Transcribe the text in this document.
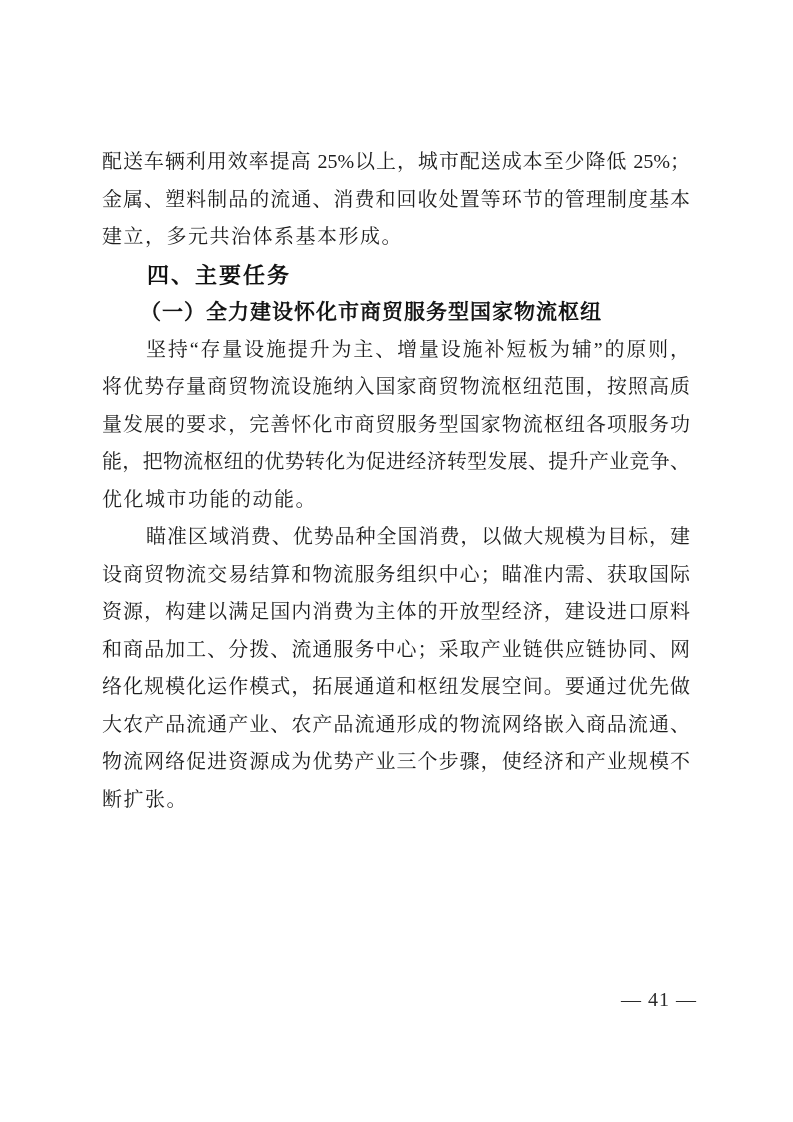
配送车辆利用效率提高 25%以上，城市配送成本至少降低 25%；
金属、塑料制品的流通、消费和回收处置等环节的管理制度基本
建立，多元共治体系基本形成。
四、主要任务
（一）全力建设怀化市商贸服务型国家物流枢纽
坚持“存量设施提升为主、增量设施补短板为辅”的原则，
将优势存量商贸物流设施纳入国家商贸物流枢纽范围，按照高质
量发展的要求，完善怀化市商贸服务型国家物流枢纽各项服务功
能，把物流枢纽的优势转化为促进经济转型发展、提升产业竞争、
优化城市功能的动能。
瞄准区域消费、优势品种全国消费，以做大规模为目标，建
设商贸物流交易结算和物流服务组织中心；瞄准内需、获取国际
资源，构建以满足国内消费为主体的开放型经济，建设进口原料
和商品加工、分拨、流通服务中心；采取产业链供应链协同、网
络化规模化运作模式，拓展通道和枢纽发展空间。要通过优先做
大农产品流通产业、农产品流通形成的物流网络嵌入商品流通、
物流网络促进资源成为优势产业三个步骤，使经济和产业规模不
断扩张。
— 41 —
